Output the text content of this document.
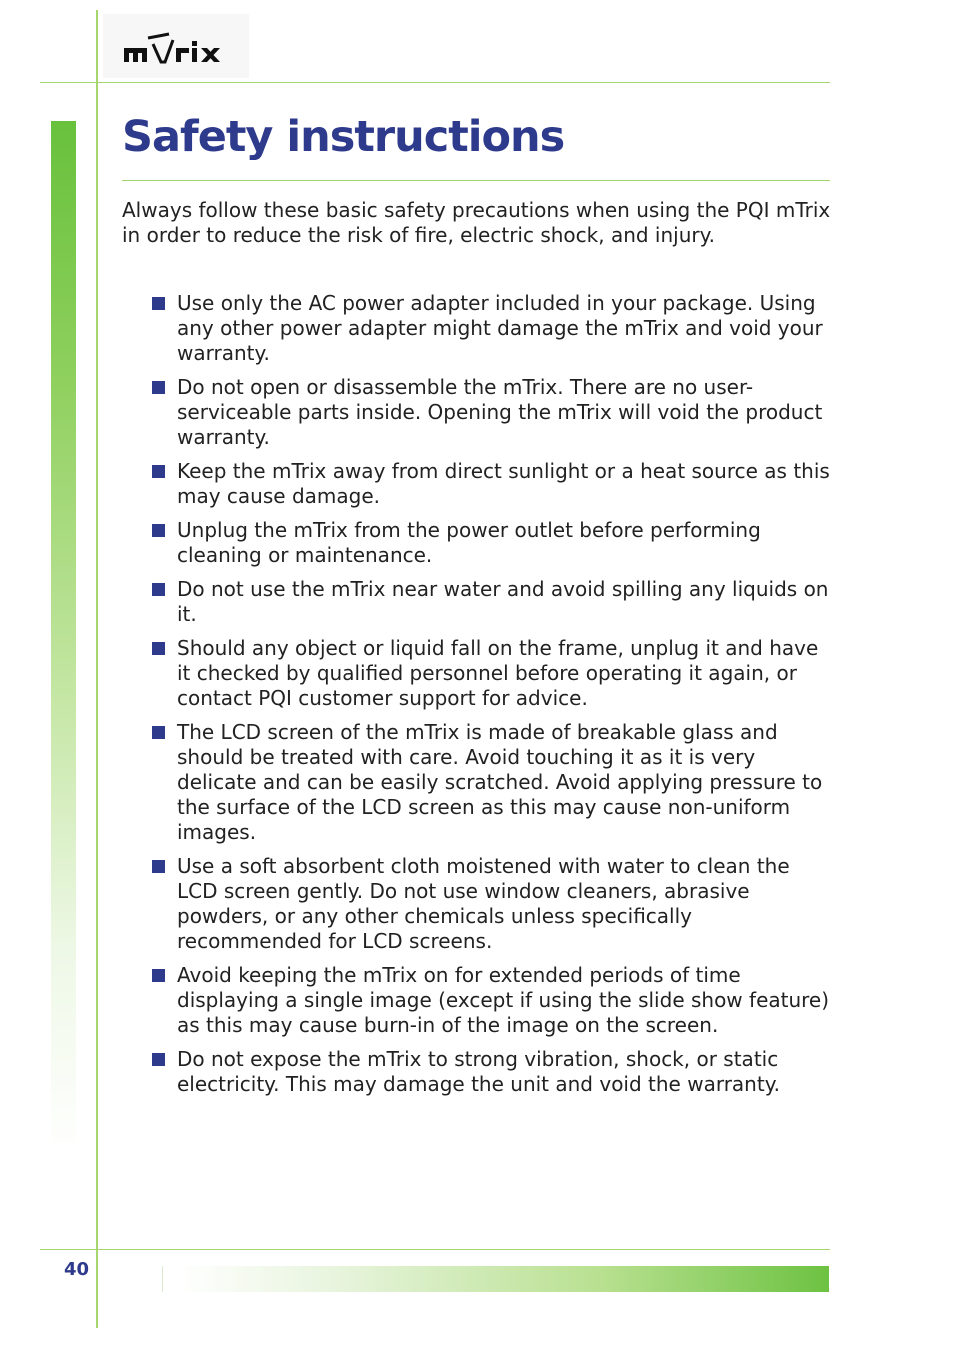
Safety instructions

Always follow these basic safety precautions when using the PQI mTrix in order to reduce the risk of fire, electric shock, and injury.

Use only the AC power adapter included in your package. Using any other power adapter might damage the mTrix and void your warranty.
Do not open or disassemble the mTrix. There are no user-serviceable parts inside. Opening the mTrix will void the product warranty.
Keep the mTrix away from direct sunlight or a heat source as this may cause damage.
Unplug the mTrix from the power outlet before performing cleaning or maintenance.
Do not use the mTrix near water and avoid spilling any liquids on it.
Should any object or liquid fall on the frame, unplug it and have it checked by qualified personnel before operating it again, or contact PQI customer support for advice.
The LCD screen of the mTrix is made of breakable glass and should be treated with care. Avoid touching it as it is very delicate and can be easily scratched. Avoid applying pressure to the surface of the LCD screen as this may cause non-uniform images.
Use a soft absorbent cloth moistened with water to clean the LCD screen gently. Do not use window cleaners, abrasive powders, or any other chemicals unless specifically recommended for LCD screens.
Avoid keeping the mTrix on for extended periods of time displaying a single image (except if using the slide show feature) as this may cause burn-in of the image on the screen.
Do not expose the mTrix to strong vibration, shock, or static electricity. This may damage the unit and void the warranty.
40
